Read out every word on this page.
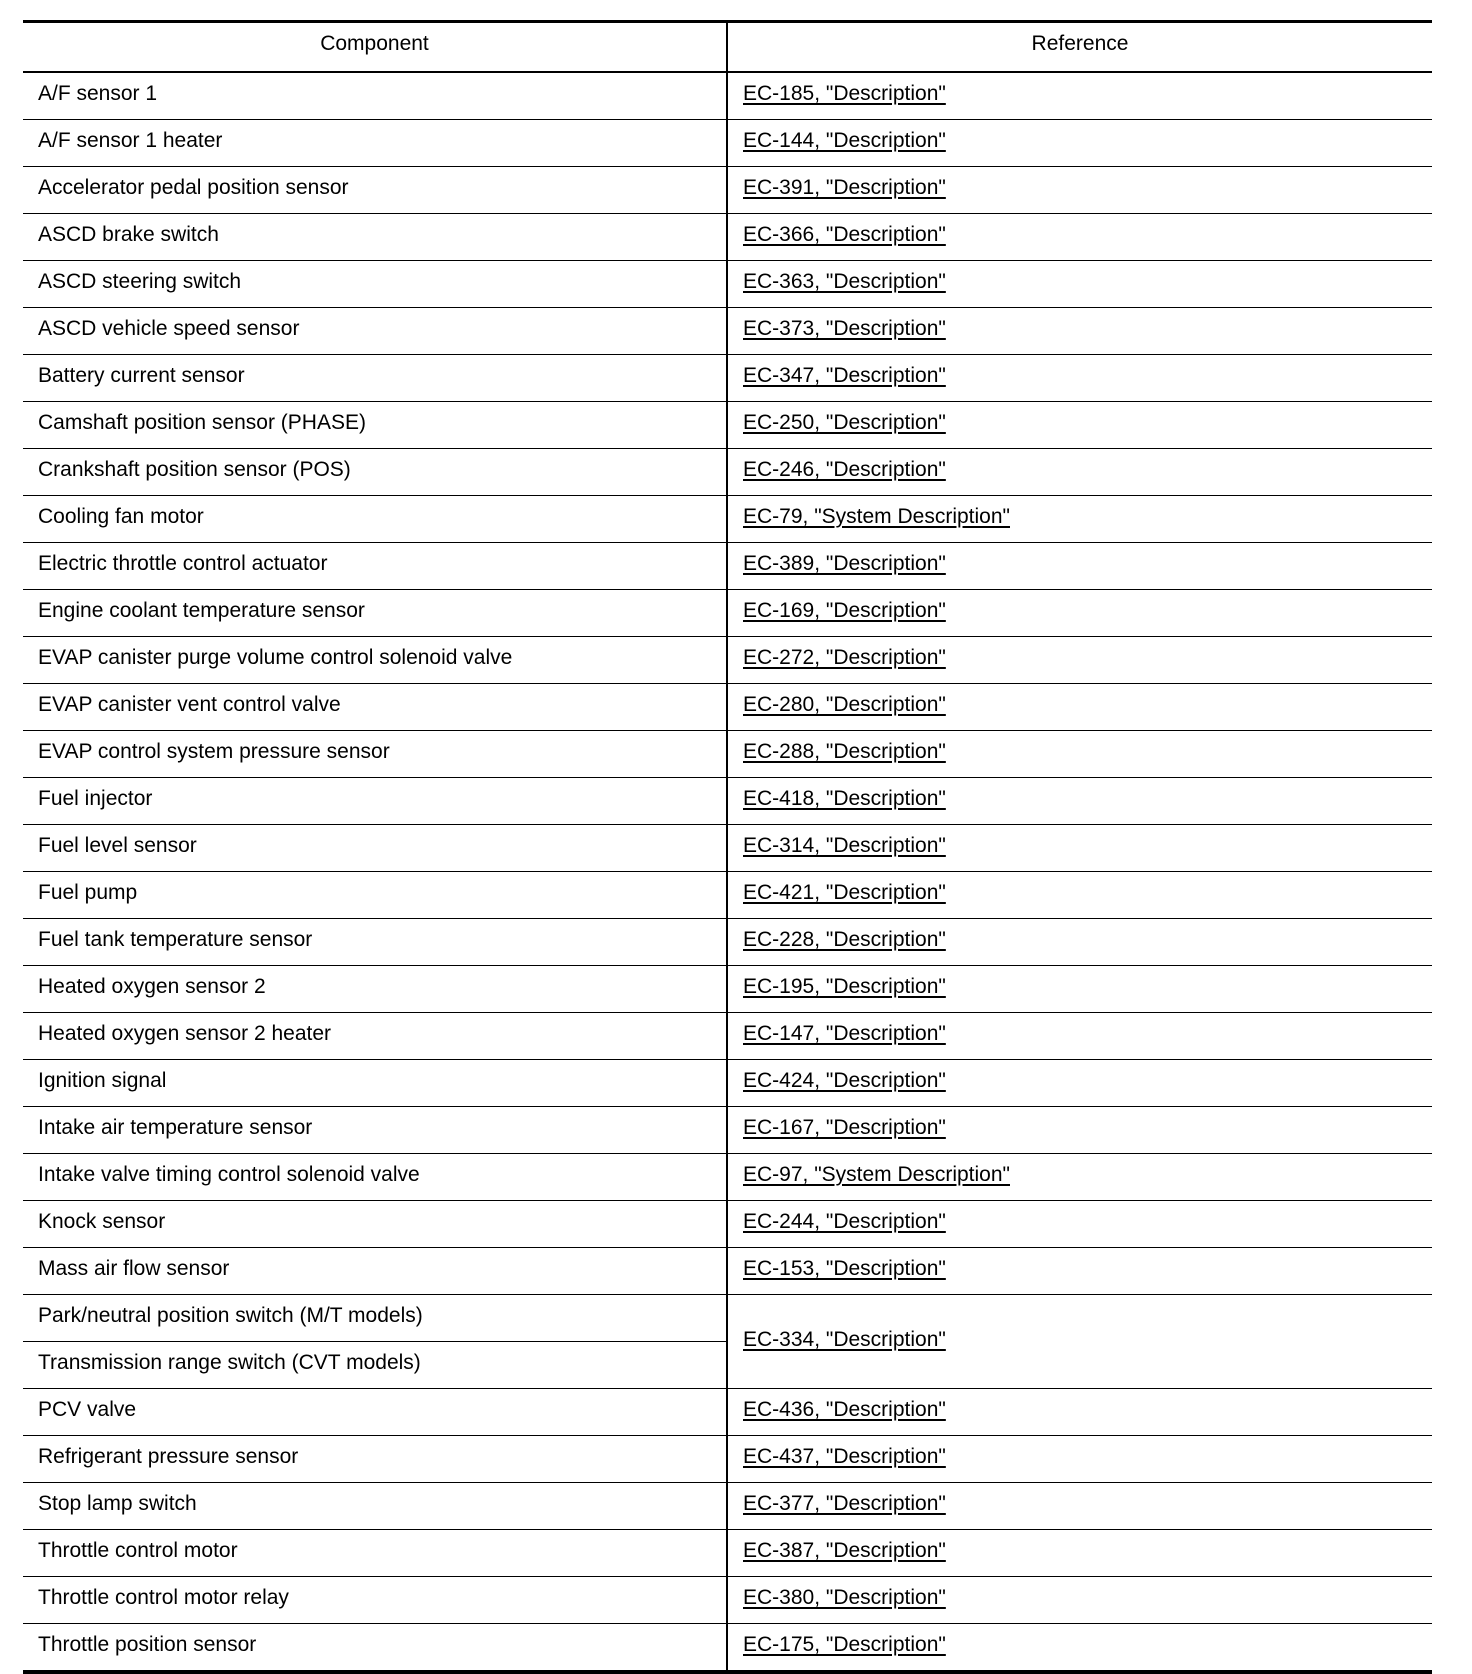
Component	Reference
A/F sensor 1	EC-185, "Description"
A/F sensor 1 heater	EC-144, "Description"
Accelerator pedal position sensor	EC-391, "Description"
ASCD brake switch	EC-366, "Description"
ASCD steering switch	EC-363, "Description"
ASCD vehicle speed sensor	EC-373, "Description"
Battery current sensor	EC-347, "Description"
Camshaft position sensor (PHASE)	EC-250, "Description"
Crankshaft position sensor (POS)	EC-246, "Description"
Cooling fan motor	EC-79, "System Description"
Electric throttle control actuator	EC-389, "Description"
Engine coolant temperature sensor	EC-169, "Description"
EVAP canister purge volume control solenoid valve	EC-272, "Description"
EVAP canister vent control valve	EC-280, "Description"
EVAP control system pressure sensor	EC-288, "Description"
Fuel injector	EC-418, "Description"
Fuel level sensor	EC-314, "Description"
Fuel pump	EC-421, "Description"
Fuel tank temperature sensor	EC-228, "Description"
Heated oxygen sensor 2	EC-195, "Description"
Heated oxygen sensor 2 heater	EC-147, "Description"
Ignition signal	EC-424, "Description"
Intake air temperature sensor	EC-167, "Description"
Intake valve timing control solenoid valve	EC-97, "System Description"
Knock sensor	EC-244, "Description"
Mass air flow sensor	EC-153, "Description"
Park/neutral position switch (M/T models)	EC-334, "Description"
Transmission range switch (CVT models)	
PCV valve	EC-436, "Description"
Refrigerant pressure sensor	EC-437, "Description"
Stop lamp switch	EC-377, "Description"
Throttle control motor	EC-387, "Description"
Throttle control motor relay	EC-380, "Description"
Throttle position sensor	EC-175, "Description"
